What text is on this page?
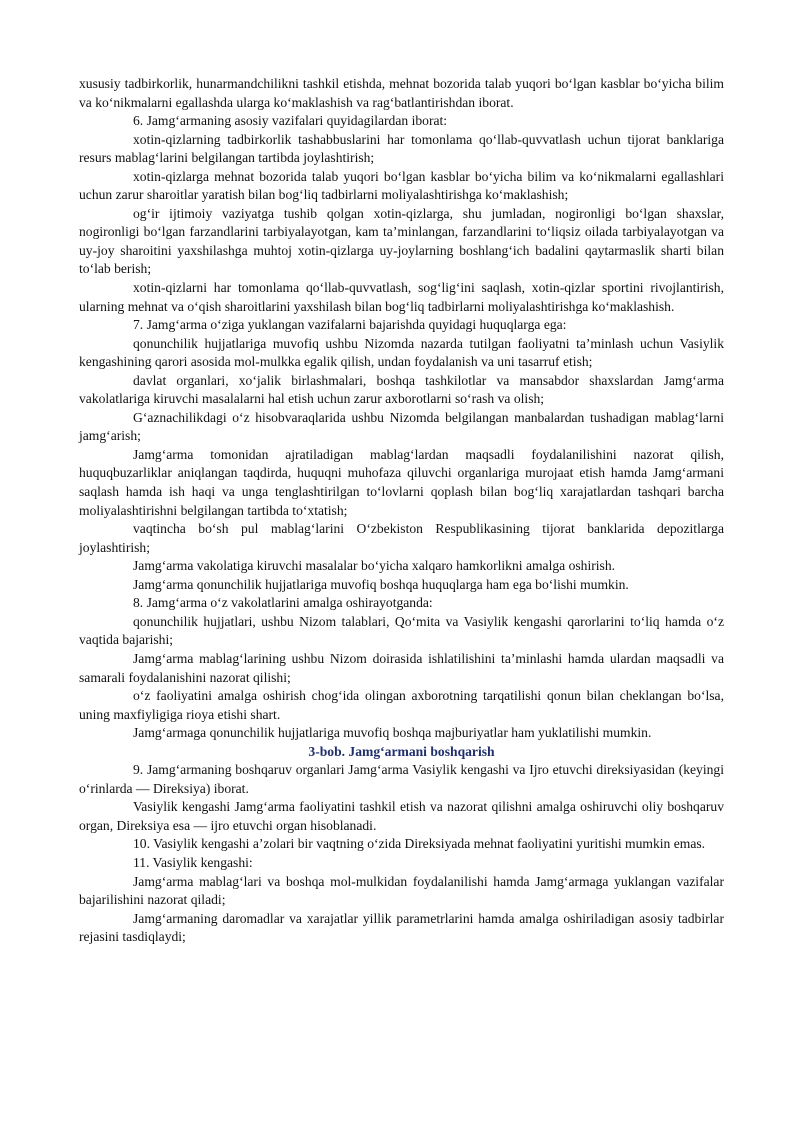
xususiy tadbirkorlik, hunarmandchilikni tashkil etishda, mehnat bozorida talab yuqori bo‘lgan kasblar bo‘yicha bilim va ko‘nikmalarni egallashda ularga ko‘maklashish va rag‘batlantirishdan iborat.

6. Jamg‘armaning asosiy vazifalari quyidagilardan iborat:

xotin-qizlarning tadbirkorlik tashabbuslarini har tomonlama qo‘llab-quvvatlash uchun tijorat banklariga resurs mablag‘larini belgilangan tartibda joylashtirish;

xotin-qizlarga mehnat bozorida talab yuqori bo‘lgan kasblar bo‘yicha bilim va ko‘nikmalarni egallashlari uchun zarur sharoitlar yaratish bilan bog‘liq tadbirlarni moliyalashtirishga ko‘maklashish;

og‘ir ijtimoiy vaziyatga tushib qolgan xotin-qizlarga, shu jumladan, nogironligi bo‘lgan shaxslar, nogironligi bo‘lgan farzandlarini tarbiyalayotgan, kam ta’minlangan, farzandlarini to‘liqsiz oilada tarbiyalayotgan va uy-joy sharoitini yaxshilashga muhtoj xotin-qizlarga uy-joylarning boshlang‘ich badalini qaytarmaslik sharti bilan to‘lab berish;

xotin-qizlarni har tomonlama qo‘llab-quvvatlash, sog‘lig‘ini saqlash, xotin-qizlar sportini rivojlantirish, ularning mehnat va o‘qish sharoitlarini yaxshilash bilan bog‘liq tadbirlarni moliyalashtirishga ko‘maklashish.

7. Jamg‘arma o‘ziga yuklangan vazifalarni bajarishda quyidagi huquqlarga ega:

qonunchilik hujjatlariga muvofiq ushbu Nizomda nazarda tutilgan faoliyatni ta’minlash uchun Vasiylik kengashining qarori asosida mol-mulkka egalik qilish, undan foydalanish va uni tasarruf etish;

davlat organlari, xo‘jalik birlashmalari, boshqa tashkilotlar va mansabdor shaxslardan Jamg‘arma vakolatlariga kiruvchi masalalarni hal etish uchun zarur axborotlarni so‘rash va olish;

G‘aznachilikdagi o‘z hisobvaraqlarida ushbu Nizomda belgilangan manbalardan tushadigan mablag‘larni jamg‘arish;

Jamg‘arma tomonidan ajratiladigan mablag‘lardan maqsadli foydalanilishini nazorat qilish, huquqbuzarliklar aniqlangan taqdirda, huquqni muhofaza qiluvchi organlariga murojaat etish hamda Jamg‘armani saqlash hamda ish haqi va unga tenglashtirilgan to‘lovlarni qoplash bilan bog‘liq xarajatlardan tashqari barcha moliyalashtirishni belgilangan tartibda to‘xtatish;

vaqtincha bo‘sh pul mablag‘larini O‘zbekiston Respublikasining tijorat banklarida depozitlarga joylashtirish;

Jamg‘arma vakolatiga kiruvchi masalalar bo‘yicha xalqaro hamkorlikni amalga oshirish.

Jamg‘arma qonunchilik hujjatlariga muvofiq boshqa huquqlarga ham ega bo‘lishi mumkin.

8. Jamg‘arma o‘z vakolatlarini amalga oshirayotganda:

qonunchilik hujjatlari, ushbu Nizom talablari, Qo‘mita va Vasiylik kengashi qarorlarini to‘liq hamda o‘z vaqtida bajarishi;

Jamg‘arma mablag‘larining ushbu Nizom doirasida ishlatilishini ta’minlashi hamda ulardan maqsadli va samarali foydalanishini nazorat qilishi;

o‘z faoliyatini amalga oshirish chog‘ida olingan axborotning tarqatilishi qonun bilan cheklangan bo‘lsa, uning maxfiyligiga rioya etishi shart.

Jamg‘armaga qonunchilik hujjatlariga muvofiq boshqa majburiyatlar ham yuklatilishi mumkin.

3-bob. Jamg‘armani boshqarish

9. Jamg‘armaning boshqaruv organlari Jamg‘arma Vasiylik kengashi va Ijro etuvchi direksiyasidan (keyingi o‘rinlarda — Direksiya) iborat.

Vasiylik kengashi Jamg‘arma faoliyatini tashkil etish va nazorat qilishni amalga oshiruvchi oliy boshqaruv organ, Direksiya esa — ijro etuvchi organ hisoblanadi.

10. Vasiylik kengashi a’zolari bir vaqtning o‘zida Direksiyada mehnat faoliyatini yuritishi mumkin emas.

11. Vasiylik kengashi:

Jamg‘arma mablag‘lari va boshqa mol-mulkidan foydalanilishi hamda Jamg‘armaga yuklangan vazifalar bajarilishini nazorat qiladi;

Jamg‘armaning daromadlar va xarajatlar yillik parametrlarini hamda amalga oshiriladigan asosiy tadbirlar rejasini tasdiqlaydi;
